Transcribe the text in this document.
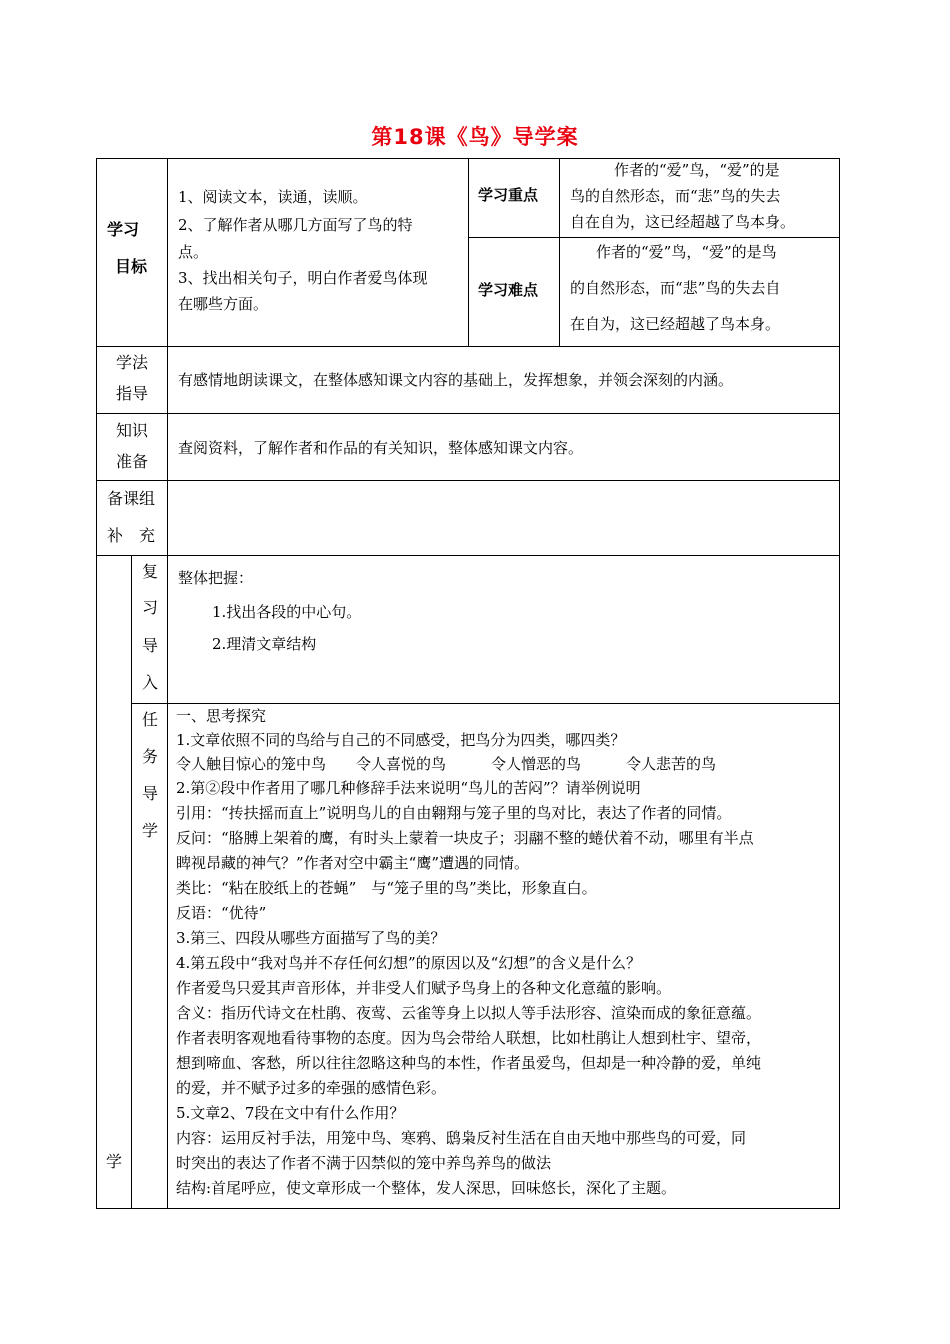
第18课《鸟》导学案
学习
目标
1、阅读文本，读通，读顺。
2、了解作者从哪几方面写了鸟的特
点。
3、找出相关句子，明白作者爱鸟体现
在哪些方面。
学习重点
作者的“爱”鸟，“爱”的是
鸟的自然形态，而“悲”鸟的失去
自在自为，这已经超越了鸟本身。
学习难点
作者的“爱”鸟，“爱”的是鸟
的自然形态，而“悲”鸟的失去自
在自为，这已经超越了鸟本身。
学法
指导
有感情地朗读课文，在整体感知课文内容的基础上，发挥想象，并领会深刻的内涵。
知识
准备
查阅资料，了解作者和作品的有关知识，整体感知课文内容。
备课组
补　充
学
复
习
导
入
整体把握：
1.找出各段的中心句。
2.理清文章结构
任
务
导
学
一、思考探究
1.文章依照不同的鸟给与自己的不同感受，把鸟分为四类，哪四类？
令人触目惊心的笼中鸟　　令人喜悦的鸟　　　令人憎恶的鸟　　　令人悲苦的鸟
2.第②段中作者用了哪几种修辞手法来说明“鸟儿的苦闷”？请举例说明
引用：“抟扶摇而直上”说明鸟儿的自由翱翔与笼子里的鸟对比，表达了作者的同情。
反问：“胳膊上架着的鹰，有时头上蒙着一块皮子；羽翮不整的蜷伏着不动，哪里有半点
睥视昂藏的神气？”作者对空中霸主“鹰”遭遇的同情。
类比：“粘在胶纸上的苍蝇”　与“笼子里的鸟”类比，形象直白。
反语：“优待”
3.第三、四段从哪些方面描写了鸟的美？
4.第五段中“我对鸟并不存任何幻想”的原因以及“幻想”的含义是什么？
作者爱鸟只爱其声音形体，并非受人们赋予鸟身上的各种文化意蕴的影响。
含义：指历代诗文在杜鹃、夜莺、云雀等身上以拟人等手法形容、渲染而成的象征意蕴。
作者表明客观地看待事物的态度。因为鸟会带给人联想，比如杜鹃让人想到杜宇、望帝，
想到啼血、客愁，所以往往忽略这种鸟的本性，作者虽爱鸟，但却是一种冷静的爱，单纯
的爱，并不赋予过多的牵强的感情色彩。
5.文章2、7段在文中有什么作用？
内容：运用反衬手法，用笼中鸟、寒鸦、鸱枭反衬生活在自由天地中那些鸟的可爱，同
时突出的表达了作者不满于囚禁似的笼中养鸟养鸟的做法
结构:首尾呼应，使文章形成一个整体，发人深思，回味悠长，深化了主题。
